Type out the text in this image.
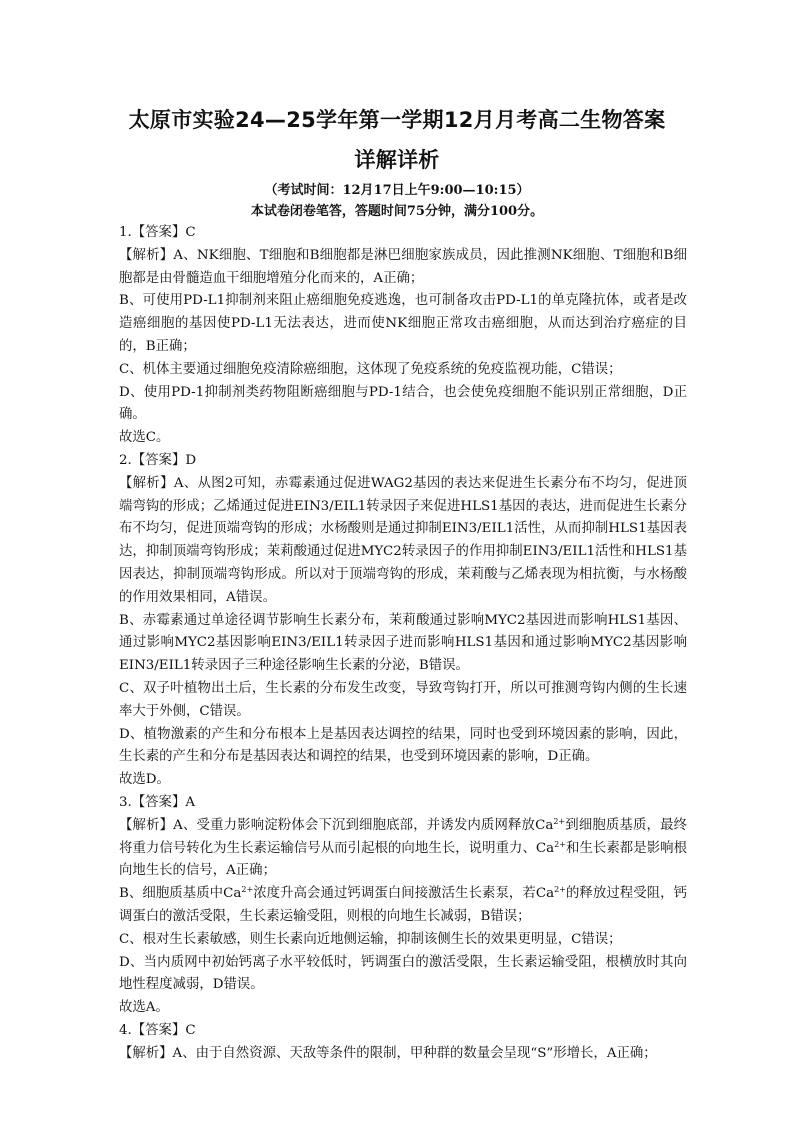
太原市实验24—25学年第一学期12月月考高二生物答案
详解详析
（考试时间：12月17日上午9:00—10:15）
本试卷闭卷笔答，答题时间75分钟，满分100分。

1.【答案】C

【解析】A、NK细胞、T细胞和B细胞都是淋巴细胞家族成员，因此推测NK细胞、T细胞和B细胞都是由骨髓造血干细胞增殖分化而来的，A正确；

B、可使用PD-L1抑制剂来阻止癌细胞免疫逃逸，也可制备攻击PD-L1的单克隆抗体，或者是改造癌细胞的基因使PD-L1无法表达，进而使NK细胞正常攻击癌细胞，从而达到治疗癌症的目的，B正确；

C、机体主要通过细胞免疫清除癌细胞，这体现了免疫系统的免疫监视功能，C错误；

D、使用PD-1抑制剂类药物阻断癌细胞与PD-1结合，也会使免疫细胞不能识别正常细胞，D正确。

故选C。

2.【答案】D

【解析】A、从图2可知，赤霉素通过促进WAG2基因的表达来促进生长素分布不均匀，促进顶端弯钩的形成；乙烯通过促进EIN3/EIL1转录因子来促进HLS1基因的表达，进而促进生长素分布不均匀，促进顶端弯钩的形成；水杨酸则是通过抑制EIN3/EIL1活性，从而抑制HLS1基因表达，抑制顶端弯钩形成；茉莉酸通过促进MYC2转录因子的作用抑制EIN3/EIL1活性和HLS1基因表达，抑制顶端弯钩形成。所以对于顶端弯钩的形成，茉莉酸与乙烯表现为相抗衡，与水杨酸的作用效果相同，A错误。

B、赤霉素通过单途径调节影响生长素分布，茉莉酸通过影响MYC2基因进而影响HLS1基因、通过影响MYC2基因影响EIN3/EIL1转录因子进而影响HLS1基因和通过影响MYC2基因影响EIN3/EIL1转录因子三种途径影响生长素的分泌，B错误。

C、双子叶植物出土后，生长素的分布发生改变，导致弯钩打开，所以可推测弯钩内侧的生长速率大于外侧，C错误。

D、植物激素的产生和分布根本上是基因表达调控的结果，同时也受到环境因素的影响，因此，生长素的产生和分布是基因表达和调控的结果，也受到环境因素的影响，D正确。

故选D。

3.【答案】A

【解析】A、受重力影响淀粉体会下沉到细胞底部，并诱发内质网释放$Ca^{2+}$到细胞质基质，最终将重力信号转化为生长素运输信号从而引起根的向地生长，说明重力、$Ca^{2+}$和生长素都是影响根向地生长的信号，A正确；

B、细胞质基质中$Ca^{2+}$浓度升高会通过钙调蛋白间接激活生长素泵，若$Ca^{2+}$的释放过程受阻，钙调蛋白的激活受限，生长素运输受阻，则根的向地生长减弱，B错误；

C、根对生长素敏感，则生长素向近地侧运输，抑制该侧生长的效果更明显，C错误；

D、当内质网中初始钙离子水平较低时，钙调蛋白的激活受限，生长素运输受阻，根横放时其向地性程度减弱，D错误。

故选A。

4.【答案】C

【解析】A、由于自然资源、天敌等条件的限制，甲种群的数量会呈现“S”形增长，A正确；
